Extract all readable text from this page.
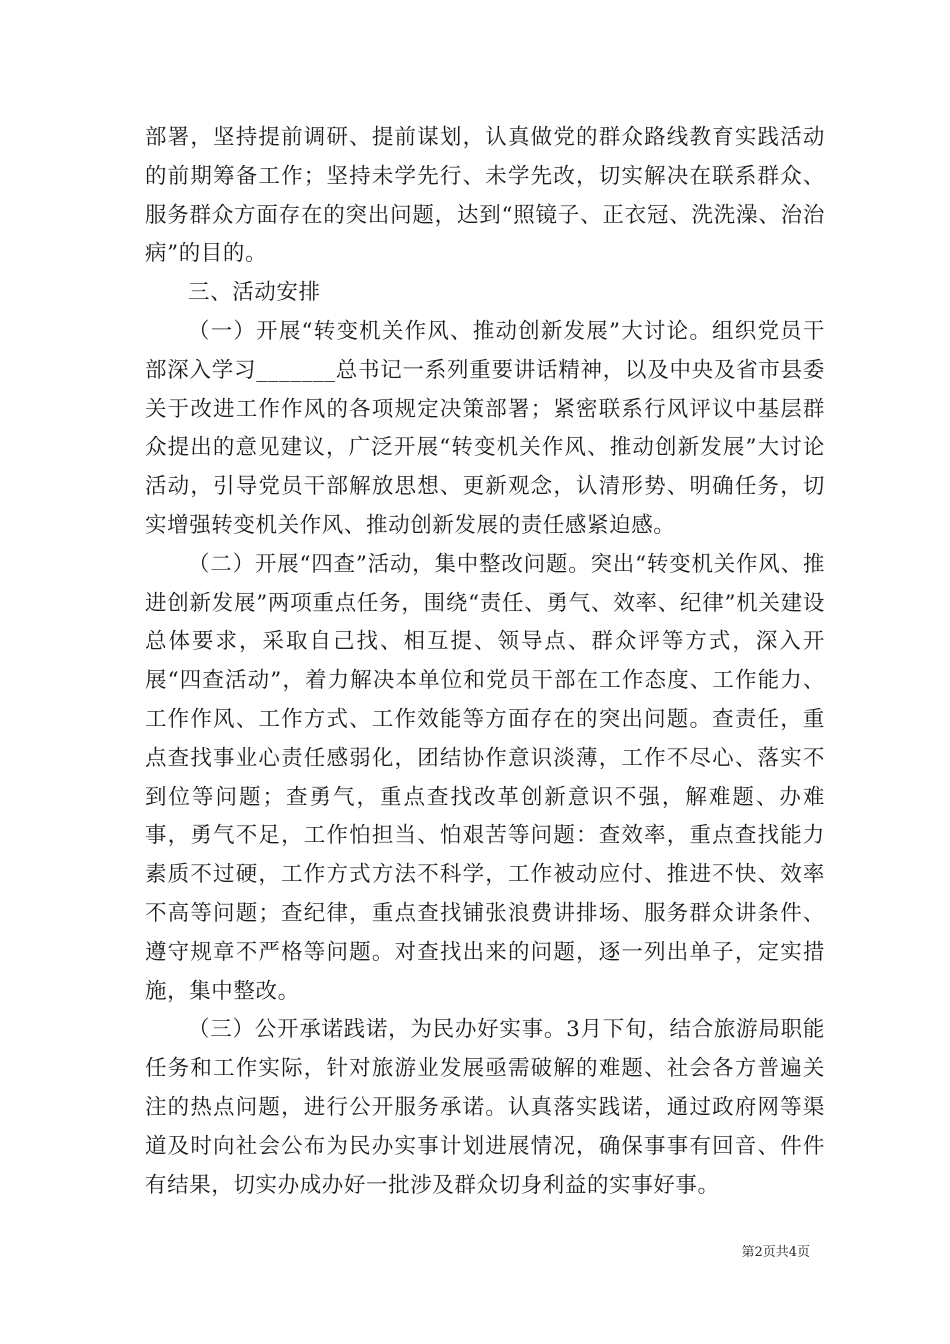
部署，坚持提前调研、提前谋划，认真做党的群众路线教育实践活动的前期筹备工作；坚持未学先行、未学先改，切实解决在联系群众、服务群众方面存在的突出问题，达到“照镜子、正衣冠、洗洗澡、治治病”的目的。

三、活动安排

（一）开展“转变机关作风、推动创新发展”大讨论。组织党员干部深入学习_______总书记一系列重要讲话精神，以及中央及省市县委关于改进工作作风的各项规定决策部署；紧密联系行风评议中基层群众提出的意见建议，广泛开展“转变机关作风、推动创新发展”大讨论活动，引导党员干部解放思想、更新观念，认清形势、明确任务，切实增强转变机关作风、推动创新发展的责任感紧迫感。

（二）开展“四查”活动，集中整改问题。突出“转变机关作风、推进创新发展”两项重点任务，围绕“责任、勇气、效率、纪律”机关建设总体要求，采取自己找、相互提、领导点、群众评等方式，深入开展“四查活动”，着力解决本单位和党员干部在工作态度、工作能力、工作作风、工作方式、工作效能等方面存在的突出问题。查责任，重点查找事业心责任感弱化，团结协作意识淡薄，工作不尽心、落实不到位等问题；查勇气，重点查找改革创新意识不强，解难题、办难事，勇气不足，工作怕担当、怕艰苦等问题：查效率，重点查找能力素质不过硬，工作方式方法不科学，工作被动应付、推进不快、效率不高等问题；查纪律，重点查找铺张浪费讲排场、服务群众讲条件、遵守规章不严格等问题。对查找出来的问题，逐一列出单子，定实措施，集中整改。

（三）公开承诺践诺，为民办好实事。3月下旬，结合旅游局职能任务和工作实际，针对旅游业发展亟需破解的难题、社会各方普遍关注的热点问题，进行公开服务承诺。认真落实践诺，通过政府网等渠道及时向社会公布为民办实事计划进展情况，确保事事有回音、件件有结果，切实办成办好一批涉及群众切身利益的实事好事。

第2页共4页
